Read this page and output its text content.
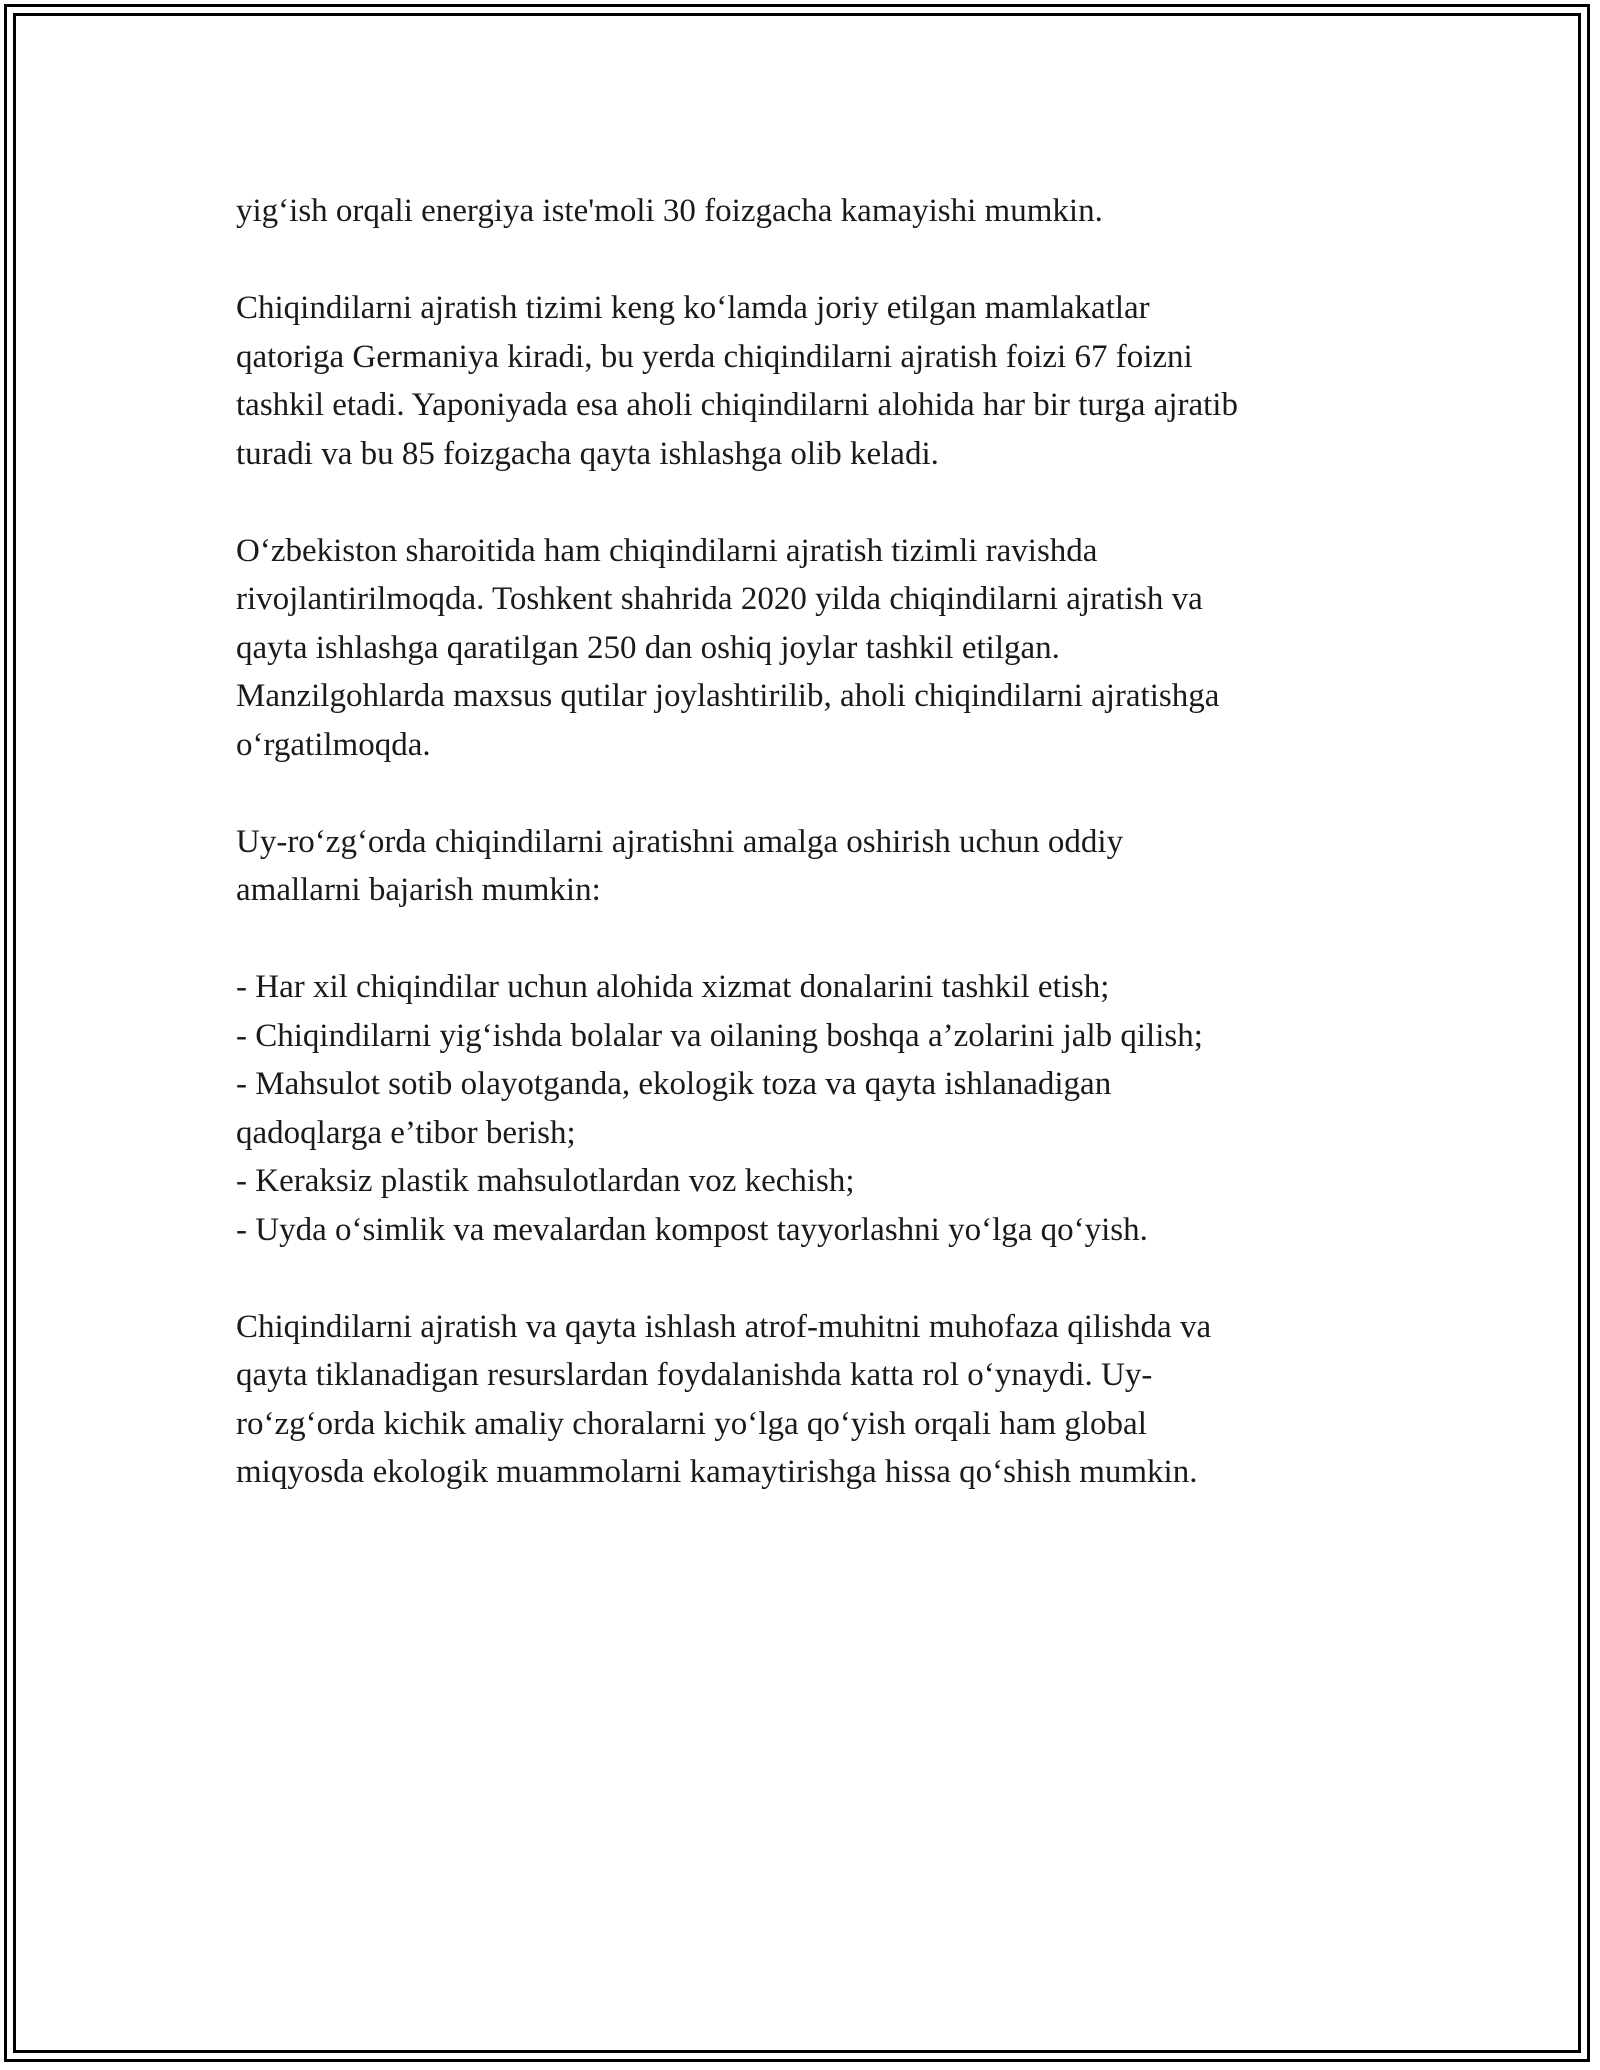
yig‘ish orqali energiya iste'moli 30 foizgacha kamayishi mumkin.

Chiqindilarni ajratish tizimi keng ko‘lamda joriy etilgan mamlakatlar
qatoriga Germaniya kiradi, bu yerda chiqindilarni ajratish foizi 67 foizni
tashkil etadi. Yaponiyada esa aholi chiqindilarni alohida har bir turga ajratib
turadi va bu 85 foizgacha qayta ishlashga olib keladi.

O‘zbekiston sharoitida ham chiqindilarni ajratish tizimli ravishda
rivojlantirilmoqda. Toshkent shahrida 2020 yilda chiqindilarni ajratish va
qayta ishlashga qaratilgan 250 dan oshiq joylar tashkil etilgan.
Manzilgohlarda maxsus qutilar joylashtirilib, aholi chiqindilarni ajratishga
o‘rgatilmoqda.

Uy-ro‘zg‘orda chiqindilarni ajratishni amalga oshirish uchun oddiy
amallarni bajarish mumkin:

- Har xil chiqindilar uchun alohida xizmat donalarini tashkil etish;
- Chiqindilarni yig‘ishda bolalar va oilaning boshqa a’zolarini jalb qilish;
- Mahsulot sotib olayotganda, ekologik toza va qayta ishlanadigan
qadoqlarga e’tibor berish;
- Keraksiz plastik mahsulotlardan voz kechish;
- Uyda o‘simlik va mevalardan kompost tayyorlashni yo‘lga qo‘yish.

Chiqindilarni ajratish va qayta ishlash atrof-muhitni muhofaza qilishda va
qayta tiklanadigan resurslardan foydalanishda katta rol o‘ynaydi. Uy-
ro‘zg‘orda kichik amaliy choralarni yo‘lga qo‘yish orqali ham global
miqyosda ekologik muammolarni kamaytirishga hissa qo‘shish mumkin.
